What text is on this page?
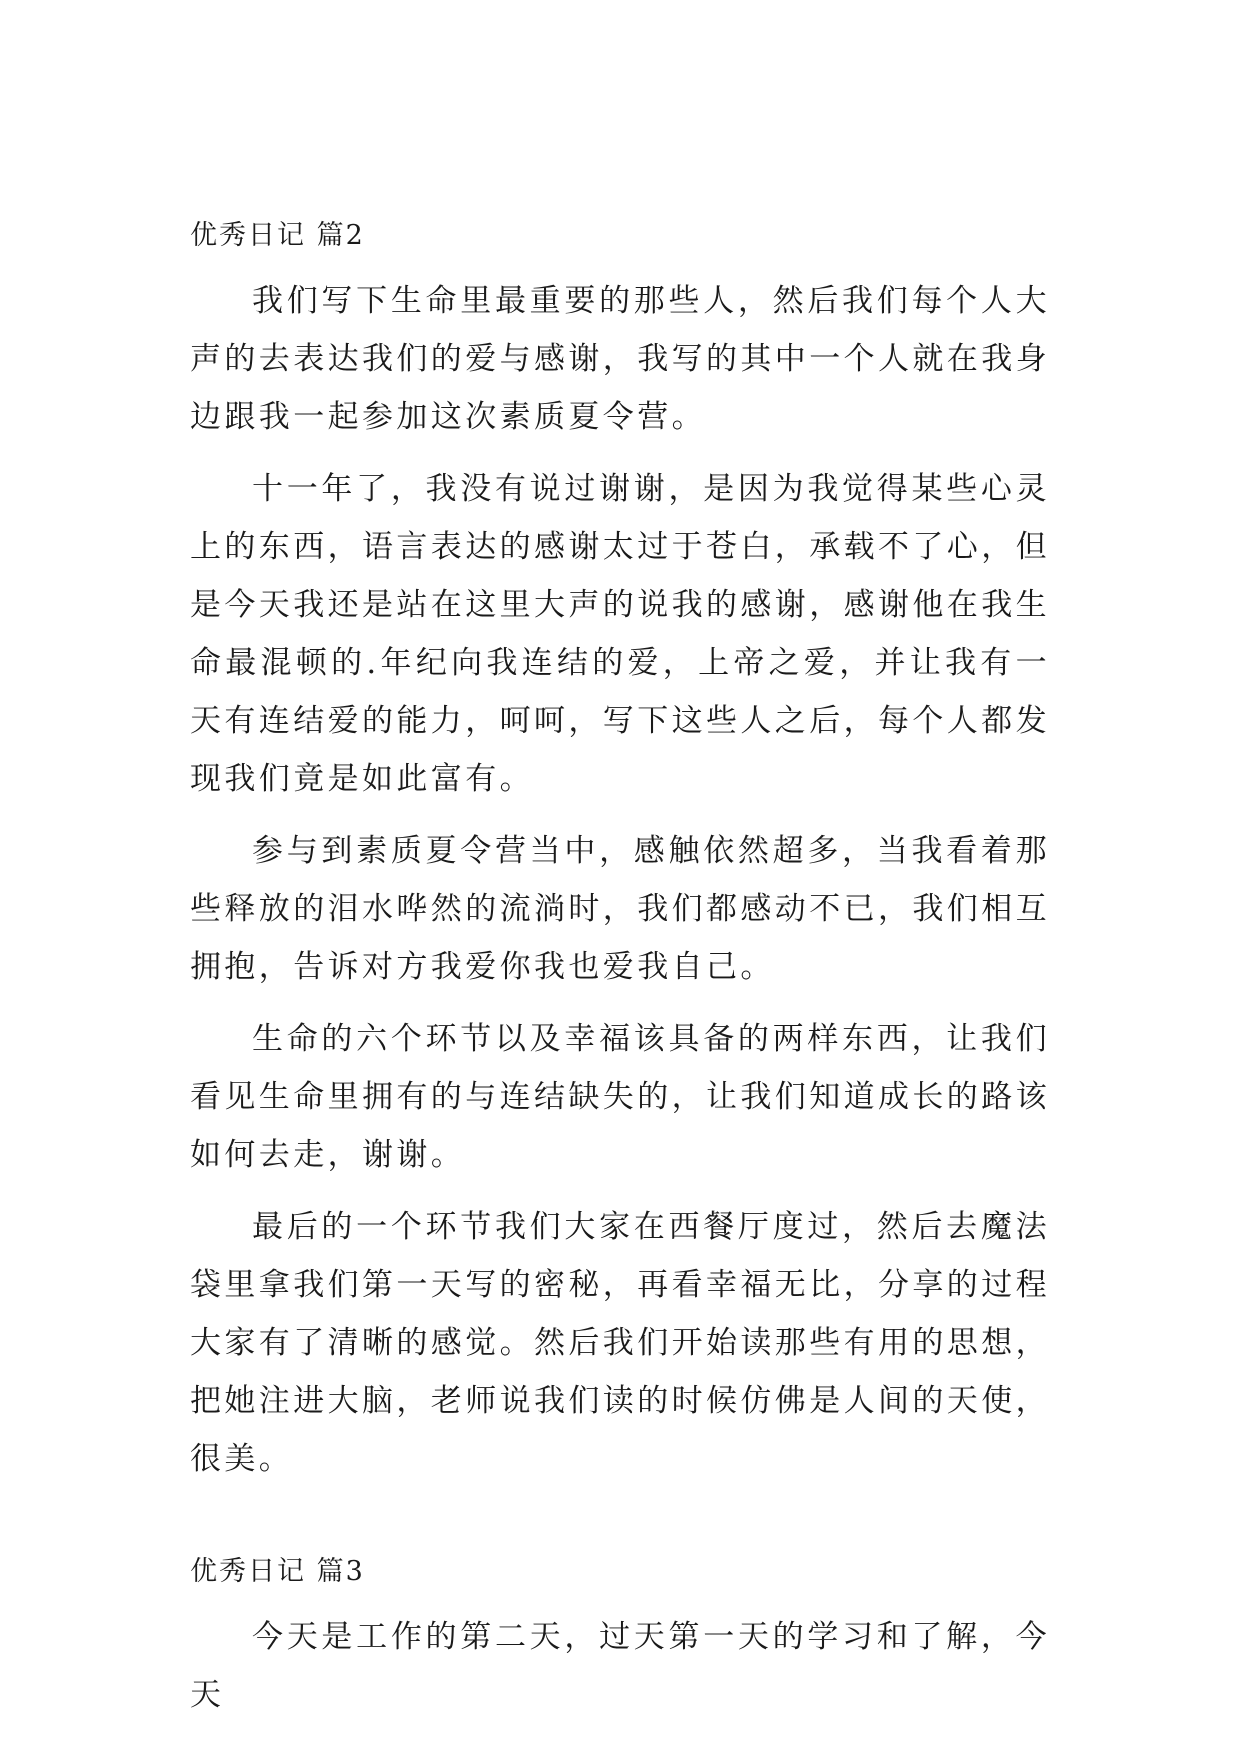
优秀日记 篇2

我们写下生命里最重要的那些人，然后我们每个人大声的去表达我们的爱与感谢，我写的其中一个人就在我身边跟我一起参加这次素质夏令营。

十一年了，我没有说过谢谢，是因为我觉得某些心灵上的东西，语言表达的感谢太过于苍白，承载不了心，但是今天我还是站在这里大声的说我的感谢，感谢他在我生命最混顿的.年纪向我连结的爱，上帝之爱，并让我有一天有连结爱的能力，呵呵，写下这些人之后，每个人都发现我们竟是如此富有。

参与到素质夏令营当中，感触依然超多，当我看着那些释放的泪水哗然的流淌时，我们都感动不已，我们相互拥抱，告诉对方我爱你我也爱我自己。

生命的六个环节以及幸福该具备的两样东西，让我们看见生命里拥有的与连结缺失的，让我们知道成长的路该如何去走，谢谢。

最后的一个环节我们大家在西餐厅度过，然后去魔法袋里拿我们第一天写的密秘，再看幸福无比，分享的过程大家有了清晰的感觉。然后我们开始读那些有用的思想，把她注进大脑，老师说我们读的时候仿佛是人间的天使，很美。

优秀日记 篇3

今天是工作的第二天，过天第一天的学习和了解，今天
